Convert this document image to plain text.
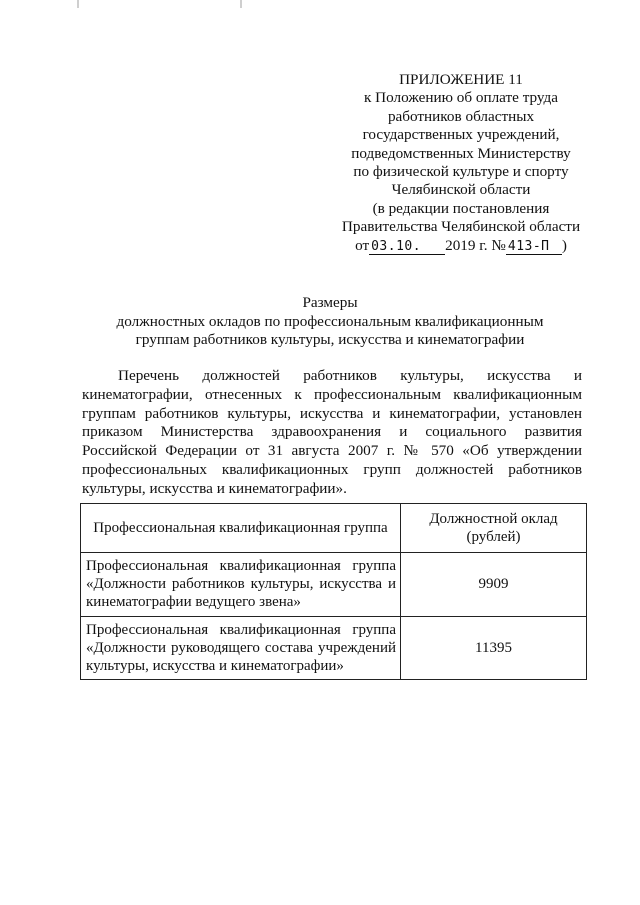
ПРИЛОЖЕНИЕ 11
к Положению об оплате труда
работников областных
государственных учреждений,
подведомственных Министерству
по физической культуре и спорту
Челябинской области
(в редакции постановления
Правительства Челябинской области
от 03.10. 2019 г. № 413-П )
Размеры
должностных окладов по профессиональным квалификационным
группам работников культуры, искусства и кинематографии

Перечень должностей работников культуры, искусства и кинематографии, отнесенных к профессиональным квалификационным группам работников культуры, искусства и кинематографии, установлен приказом Министерства здравоохранения и социального развития Российской Федерации от 31 августа 2007 г. № 570 «Об утверждении профессиональных квалификационных групп должностей работников культуры, искусства и кинематографии».

Профессиональная квалификационная группа	Должностной оклад (рублей)
Профессиональная квалификационная группа «Должности работников культуры, искусства и кинематографии ведущего звена»	9909
Профессиональная квалификационная группа «Должности руководящего состава учреждений культуры, искусства и кинематографии»	11395
